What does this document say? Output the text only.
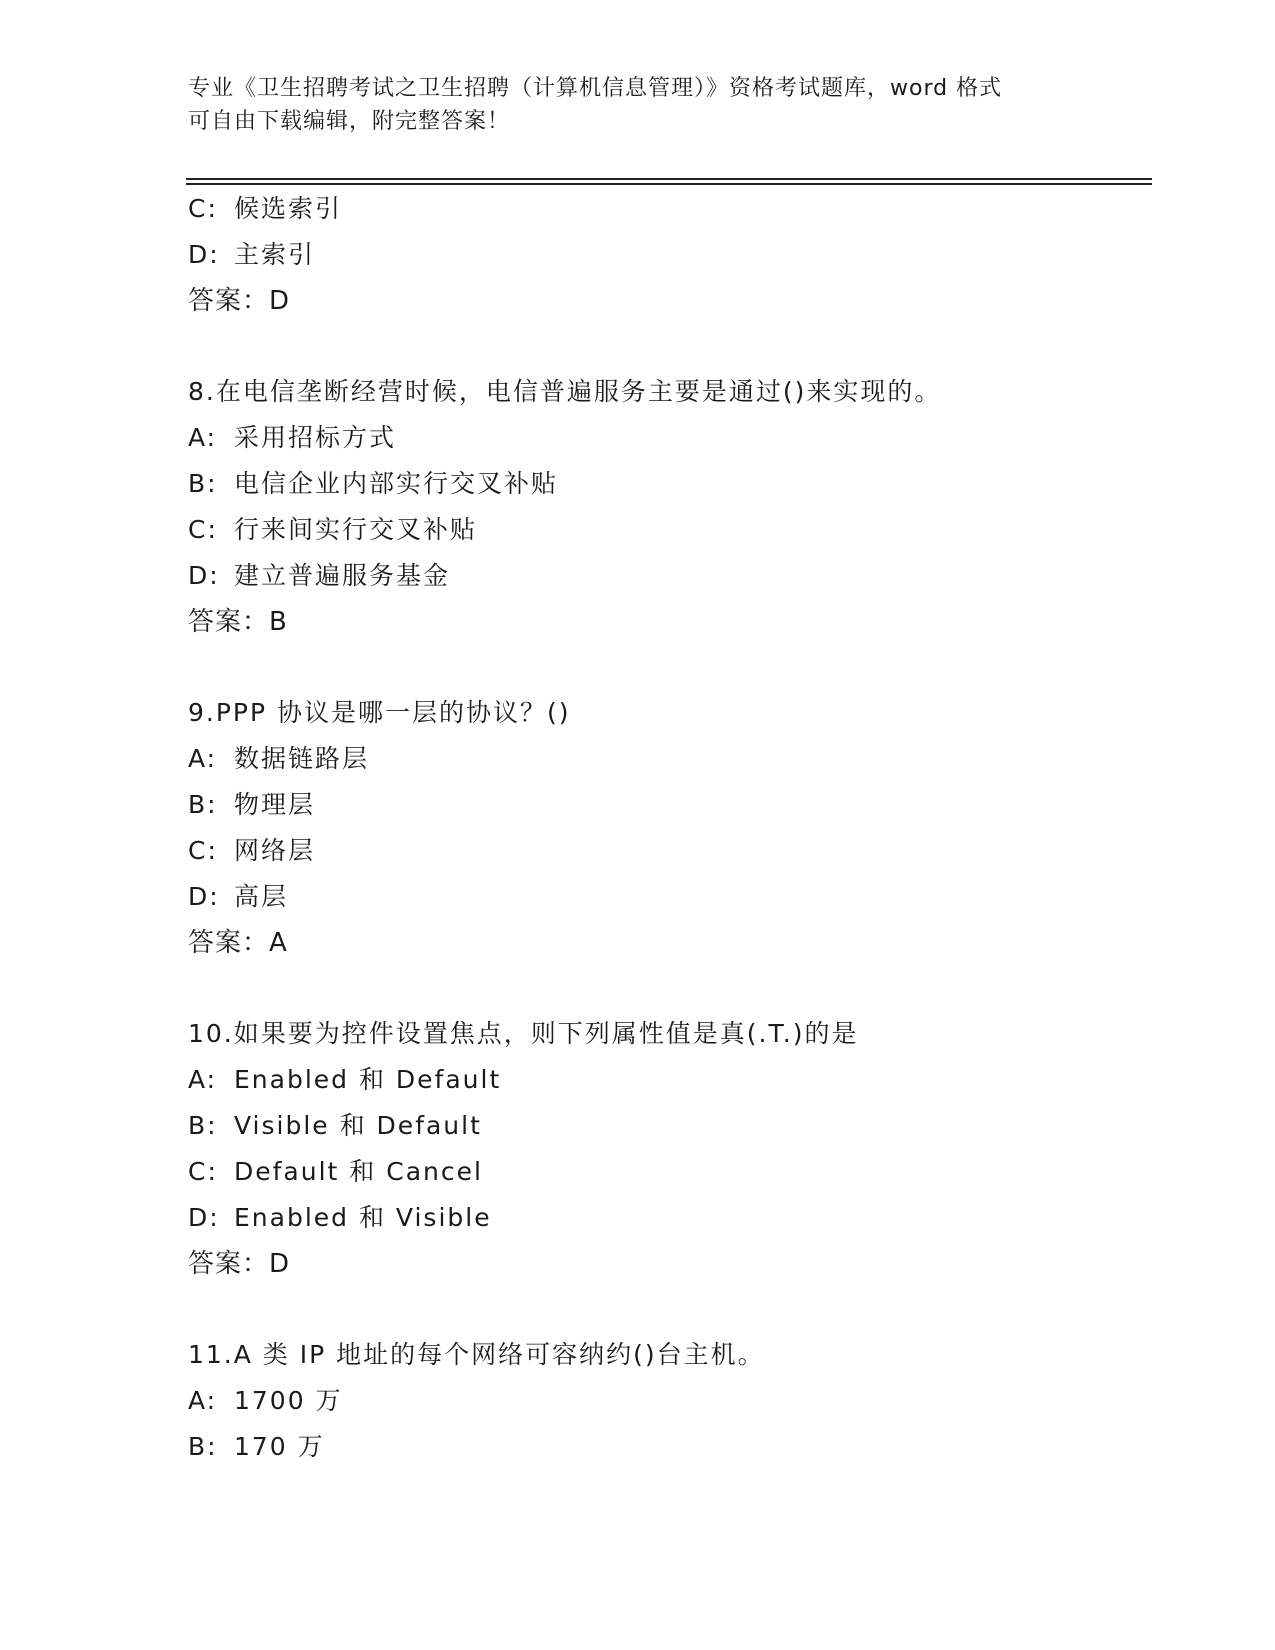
专业《卫生招聘考试之卫生招聘（计算机信息管理）》资格考试题库，word 格式
可自由下载编辑，附完整答案！
C: 候选索引
D: 主索引
答案：D
8.在电信垄断经营时候，电信普遍服务主要是通过()来实现的。
A: 采用招标方式
B: 电信企业内部实行交叉补贴
C: 行来间实行交叉补贴
D: 建立普遍服务基金
答案：B
9.PPP 协议是哪一层的协议？()
A: 数据链路层
B: 物理层
C: 网络层
D: 高层
答案：A
10.如果要为控件设置焦点，则下列属性值是真(.T.)的是
A: Enabled 和 Default
B: Visible 和 Default
C: Default 和 Cancel
D: Enabled 和 Visible
答案：D
11.A 类 IP 地址的每个网络可容纳约()台主机。
A: 1700 万
B: 170 万
